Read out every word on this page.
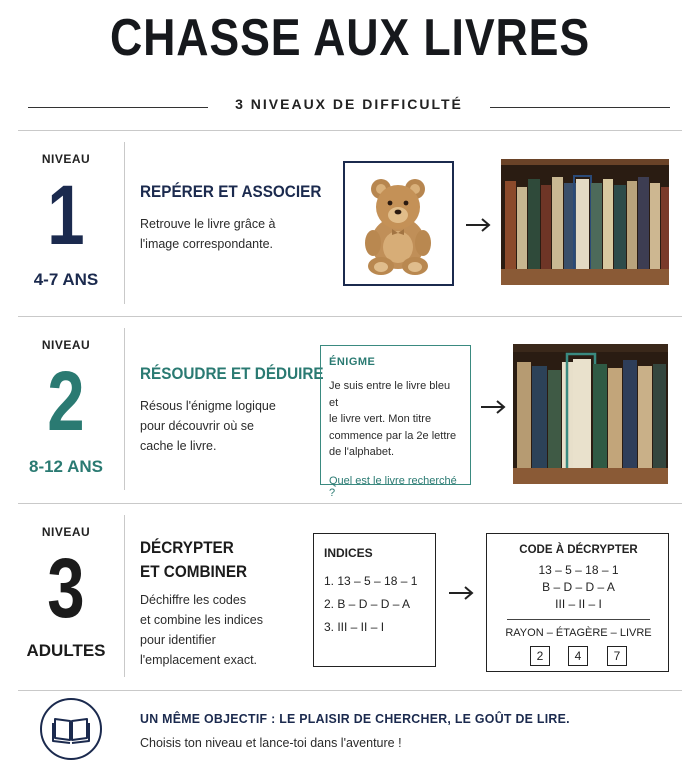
CHASSE AUX LIVRES
3 NIVEAUX DE DIFFICULTÉ
NIVEAU
1
4-7 ANS
REPÉRER ET ASSOCIER
Retrouve le livre grâce à
l'image correspondante.
NIVEAU
2
8-12 ANS
RÉSOUDRE ET DÉDUIRE
Résous l'énigme logique
pour découvrir où se
cache le livre.
ÉNIGME
Je suis entre le livre bleu et
le livre vert. Mon titre
commence par la 2e lettre
de l'alphabet.
Quel est le livre recherché ?
NIVEAU
3
ADULTES
DÉCRYPTER
ET COMBINER
Déchiffre les codes
et combine les indices
pour identifier
l'emplacement exact.
INDICES
1. 13 – 5 – 18 – 1
2. B – D – D – A
3. III – II – I
CODE À DÉCRYPTER
13 – 5 – 18 – 1
B – D – D – A
III – II – I
RAYON – ÉTAGÈRE – LIVRE
2	4	7
UN MÊME OBJECTIF : LE PLAISIR DE CHERCHER, LE GOÛT DE LIRE.
Choisis ton niveau et lance-toi dans l'aventure !
